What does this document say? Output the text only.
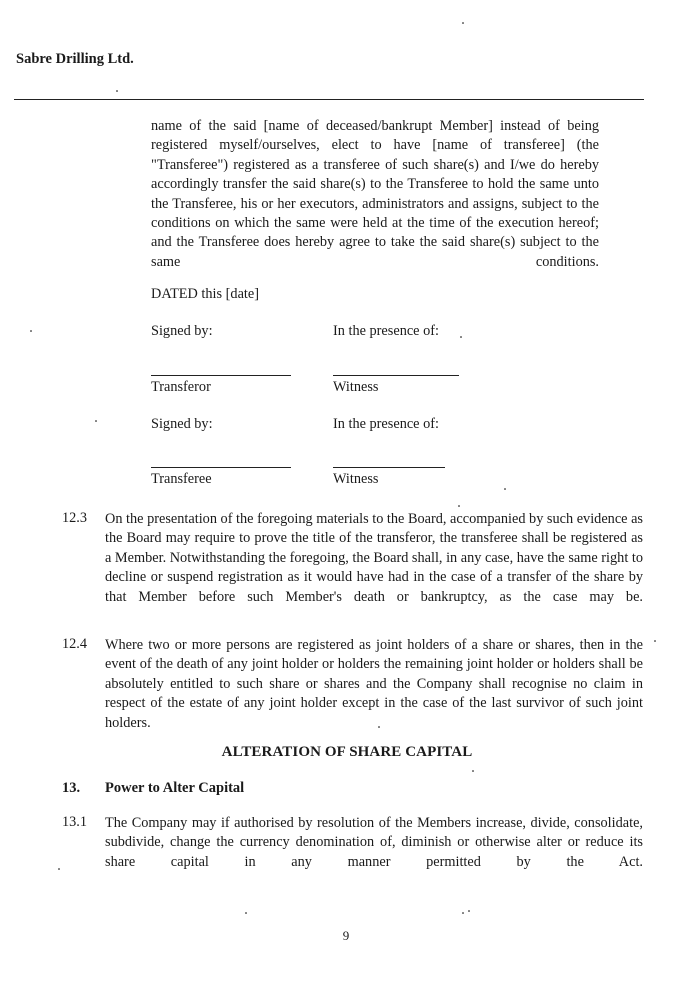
Sabre Drilling Ltd.
name of the said [name of deceased/bankrupt Member] instead of being registered myself/ourselves, elect to have [name of transferee] (the "Transferee") registered as a transferee of such share(s) and I/we do hereby accordingly transfer the said share(s) to the Transferee to hold the same unto the Transferee, his or her executors, administrators and assigns, subject to the conditions on which the same were held at the time of the execution hereof; and the Transferee does hereby agree to take the said share(s) subject to the same conditions.
DATED this [date]
Signed by:	In the presence of:
Transferor	Witness
Signed by:	In the presence of:
Transferee	Witness
12.3 On the presentation of the foregoing materials to the Board, accompanied by such evidence as the Board may require to prove the title of the transferor, the transferee shall be registered as a Member. Notwithstanding the foregoing, the Board shall, in any case, have the same right to decline or suspend registration as it would have had in the case of a transfer of the share by that Member before such Member's death or bankruptcy, as the case may be.
12.4 Where two or more persons are registered as joint holders of a share or shares, then in the event of the death of any joint holder or holders the remaining joint holder or holders shall be absolutely entitled to such share or shares and the Company shall recognise no claim in respect of the estate of any joint holder except in the case of the last survivor of such joint holders.
ALTERATION OF SHARE CAPITAL
13. Power to Alter Capital
13.1 The Company may if authorised by resolution of the Members increase, divide, consolidate, subdivide, change the currency denomination of, diminish or otherwise alter or reduce its share capital in any manner permitted by the Act.
9
